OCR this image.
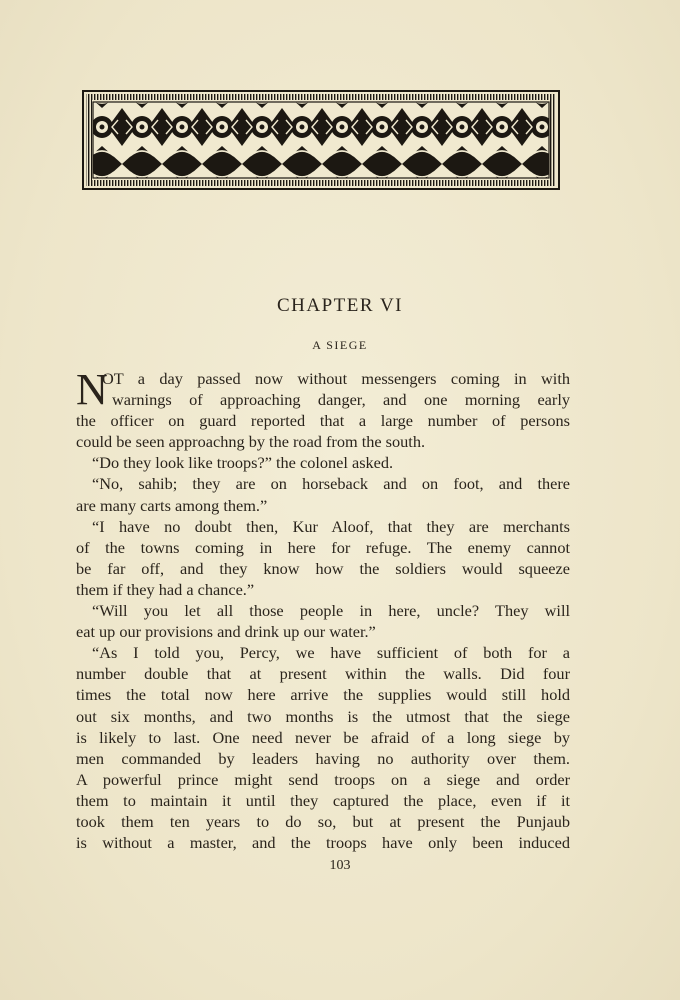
CHAPTER VI
A SIEGE
N
OT a day passed now without messengers coming in with
warnings of approaching danger, and one morning early
the officer on guard reported that a large number of persons
could be seen approachng by the road from the south.
“Do they look like troops?” the colonel asked.
“No, sahib; they are on horseback and on foot, and there
are many carts among them.”
“I have no doubt then, Kur Aloof, that they are merchants
of the towns coming in here for refuge. The enemy cannot
be far off, and they know how the soldiers would squeeze
them if they had a chance.”
“Will you let all those people in here, uncle? They will
eat up our provisions and drink up our water.”
“As I told you, Percy, we have sufficient of both for a
number double that at present within the walls. Did four
times the total now here arrive the supplies would still hold
out six months, and two months is the utmost that the siege
is likely to last. One need never be afraid of a long siege by
men commanded by leaders having no authority over them.
A powerful prince might send troops on a siege and order
them to maintain it until they captured the place, even if it
took them ten years to do so, but at present the Punjaub
is without a master, and the troops have only been induced
103
